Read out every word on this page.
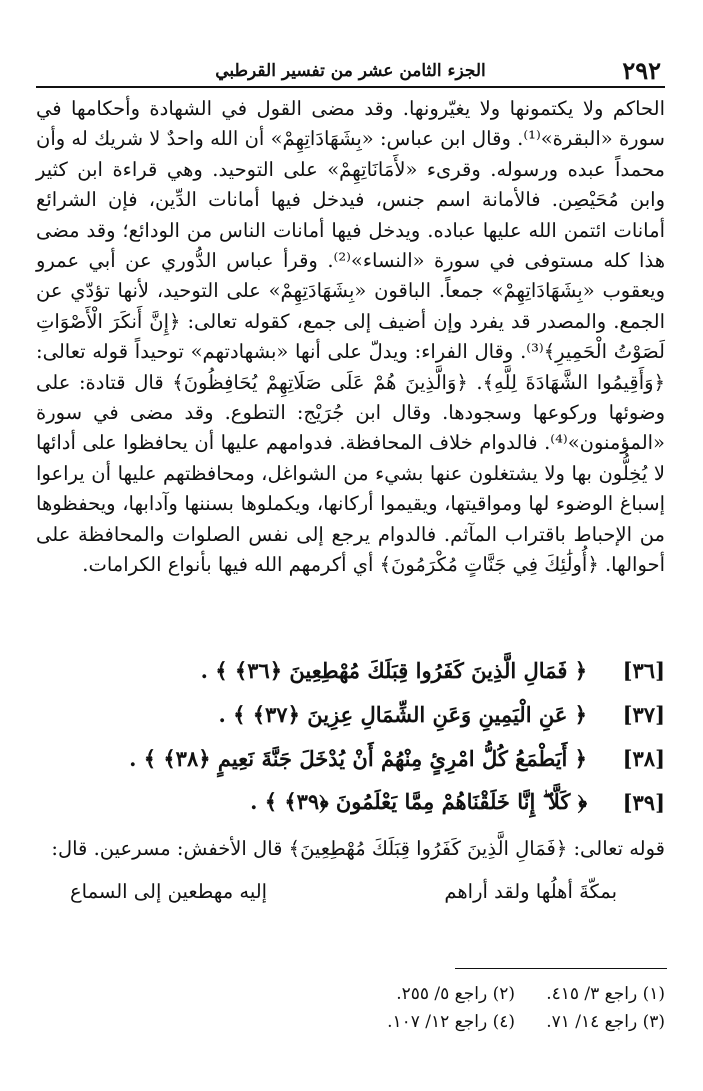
٢٩٢
الجزء الثامن عشر من تفسير القرطبي

الحاكم ولا يكتمونها ولا يغيّرونها. وقد مضى القول في الشهادة وأحكامها في سورة «البقرة»⁽¹⁾. وقال ابن عباس: «بِشَهَادَاتِهِمْ» أن الله واحدٌ لا شريك له وأن محمداً عبده ورسوله. وقرىء «لأَمَانَاتِهِمْ» على التوحيد. وهي قراءة ابن كثير وابن مُحَيْصِن. فالأمانة اسم جنس، فيدخل فيها أمانات الدِّين، فإن الشرائع أمانات ائتمن الله عليها عباده. ويدخل فيها أمانات الناس من الودائع؛ وقد مضى هذا كله مستوفى في سورة «النساء»⁽²⁾. وقرأ عباس الدُّوري عن أبي عمرو ويعقوب «بِشَهَادَاتِهِمْ» جمعاً. الباقون «بِشَهَادَتِهِمْ» على التوحيد، لأنها تؤدّي عن الجمع. والمصدر قد يفرد وإن أضيف إلى جمع، كقوله تعالى: ﴿إِنَّ أَنكَرَ الْأَصْوَاتِ لَصَوْتُ الْحَمِيرِ﴾⁽³⁾. وقال الفراء: ويدلّ على أنها «بشهادتهم» توحيداً قوله تعالى: ﴿وَأَقِيمُوا الشَّهَادَةَ لِلَّهِ﴾. ﴿وَالَّذِينَ هُمْ عَلَى صَلَاتِهِمْ يُحَافِظُونَ﴾ قال قتادة: على وضوئها وركوعها وسجودها. وقال ابن جُرَيْج: التطوع. وقد مضى في سورة «المؤمنون»⁽⁴⁾. فالدوام خلاف المحافظة. فدوامهم عليها أن يحافظوا على أدائها لا يُخِلُّون بها ولا يشتغلون عنها بشيء من الشواغل، ومحافظتهم عليها أن يراعوا إسباغ الوضوء لها ومواقيتها، ويقيموا أركانها، ويكملوها بسننها وآدابها، ويحفظوها من الإحباط باقتراب المآثم. فالدوام يرجع إلى نفس الصلوات والمحافظة على أحوالها. ﴿أُولَٰئِكَ فِي جَنَّاتٍ مُكْرَمُونَ﴾ أي أكرمهم الله فيها بأنواع الكرامات.

[٣٦]
﴿ فَمَالِ الَّذِينَ كَفَرُوا قِبَلَكَ مُهْطِعِينَ ﴿٣٦﴾ ﴾ .
[٣٧]
﴿ عَنِ الْيَمِينِ وَعَنِ الشِّمَالِ عِزِينَ ﴿٣٧﴾ ﴾ .
[٣٨]
﴿ أَيَطْمَعُ كُلُّ امْرِئٍ مِنْهُمْ أَنْ يُدْخَلَ جَنَّةَ نَعِيمٍ ﴿٣٨﴾ ﴾ .
[٣٩]
﴿ كَلَّا ۖ إِنَّا خَلَقْنَاهُمْ مِمَّا يَعْلَمُونَ ﴿٣٩﴾ ﴾ .

قوله تعالى: ﴿فَمَالِ الَّذِينَ كَفَرُوا قِبَلَكَ مُهْطِعِينَ﴾ قال الأخفش: مسرعين. قال:

بمكّةَ أهلُها ولقد أراهم
إليه مهطعين إلى السماع
(١) راجع ٣/ ٤١٥.
(٢) راجع ٥/ ٢٥٥.
(٣) راجع ١٤/ ٧١.
(٤) راجع ١٢/ ١٠٧.
